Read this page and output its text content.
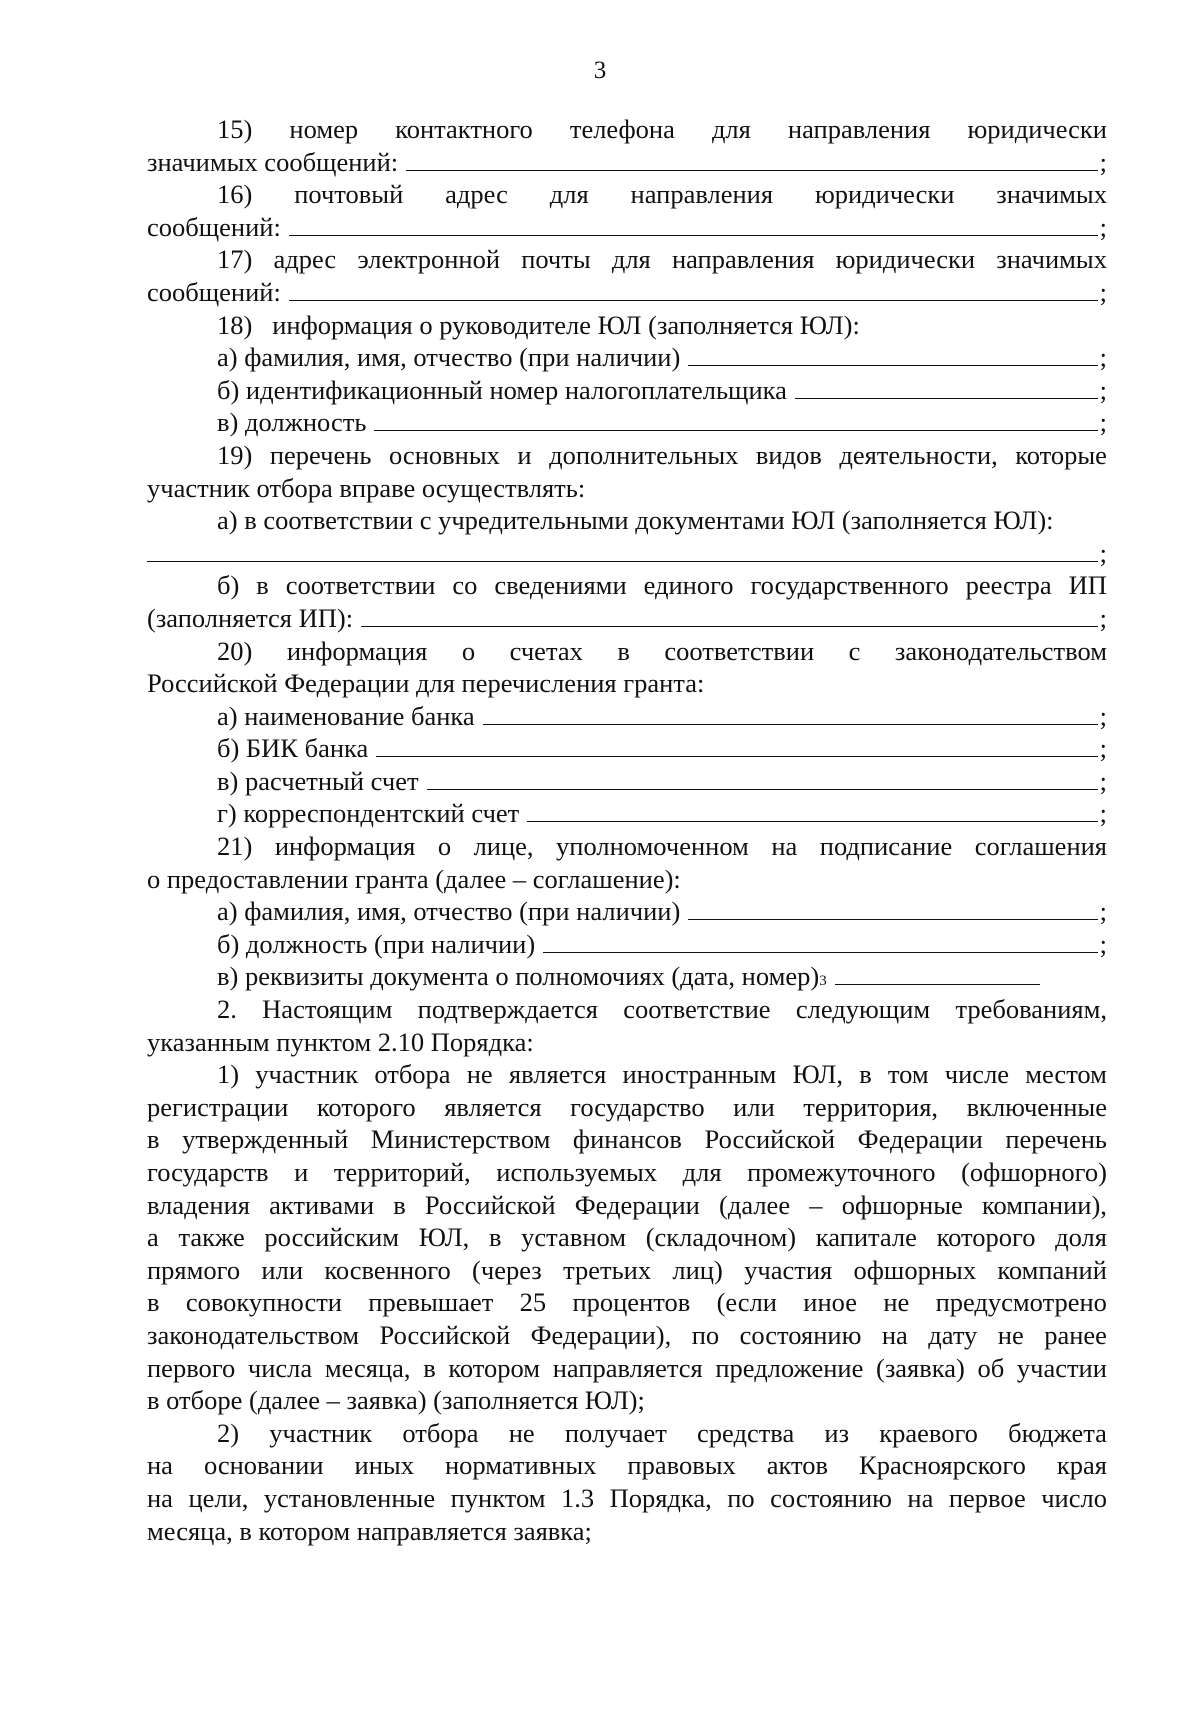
3
15) номер контактного телефона для направления юридически
значимых сообщений:	;
16) почтовый адрес для направления юридически значимых
сообщений:	;
17) адрес электронной почты для направления юридически значимых
сообщений:	;
18)   информация о руководителе ЮЛ (заполняется ЮЛ):
а) фамилия, имя, отчество (при наличии)	;
б) идентификационный номер налогоплательщика	;
в) должность	;
19) перечень основных и дополнительных видов деятельности, которые
участник отбора вправе осуществлять:
а) в соответствии с учредительными документами ЮЛ (заполняется ЮЛ):
;
б) в соответствии со сведениями единого государственного реестра ИП
(заполняется ИП):	;
20) информация о счетах в соответствии с законодательством
Российской Федерации для перечисления гранта:
а) наименование банка	;
б) БИК банка	;
в) расчетный счет	;
г) корреспондентский счет	;
21) информация о лице, уполномоченном на подписание соглашения
о предоставлении гранта (далее – соглашение):
а) фамилия, имя, отчество (при наличии)	;
б) должность (при наличии)	;
в) реквизиты документа о полномочиях (дата, номер) 3
2. Настоящим подтверждается соответствие следующим требованиям,
указанным пунктом 2.10 Порядка:
1) участник отбора не является иностранным ЮЛ, в том числе местом
регистрации которого является государство или территория, включенные
в утвержденный Министерством финансов Российской Федерации перечень
государств и территорий, используемых для промежуточного (офшорного)
владения активами в Российской Федерации (далее – офшорные компании),
а также российским ЮЛ, в уставном (складочном) капитале которого доля
прямого или косвенного (через третьих лиц) участия офшорных компаний
в совокупности превышает 25 процентов (если иное не предусмотрено
законодательством Российской Федерации), по состоянию на дату не ранее
первого числа месяца, в котором направляется предложение (заявка) об участии
в отборе (далее – заявка) (заполняется ЮЛ);
2) участник отбора не получает средства из краевого бюджета
на основании иных нормативных правовых актов Красноярского края
на цели, установленные пунктом 1.3 Порядка, по состоянию на первое число
месяца, в котором направляется заявка;
